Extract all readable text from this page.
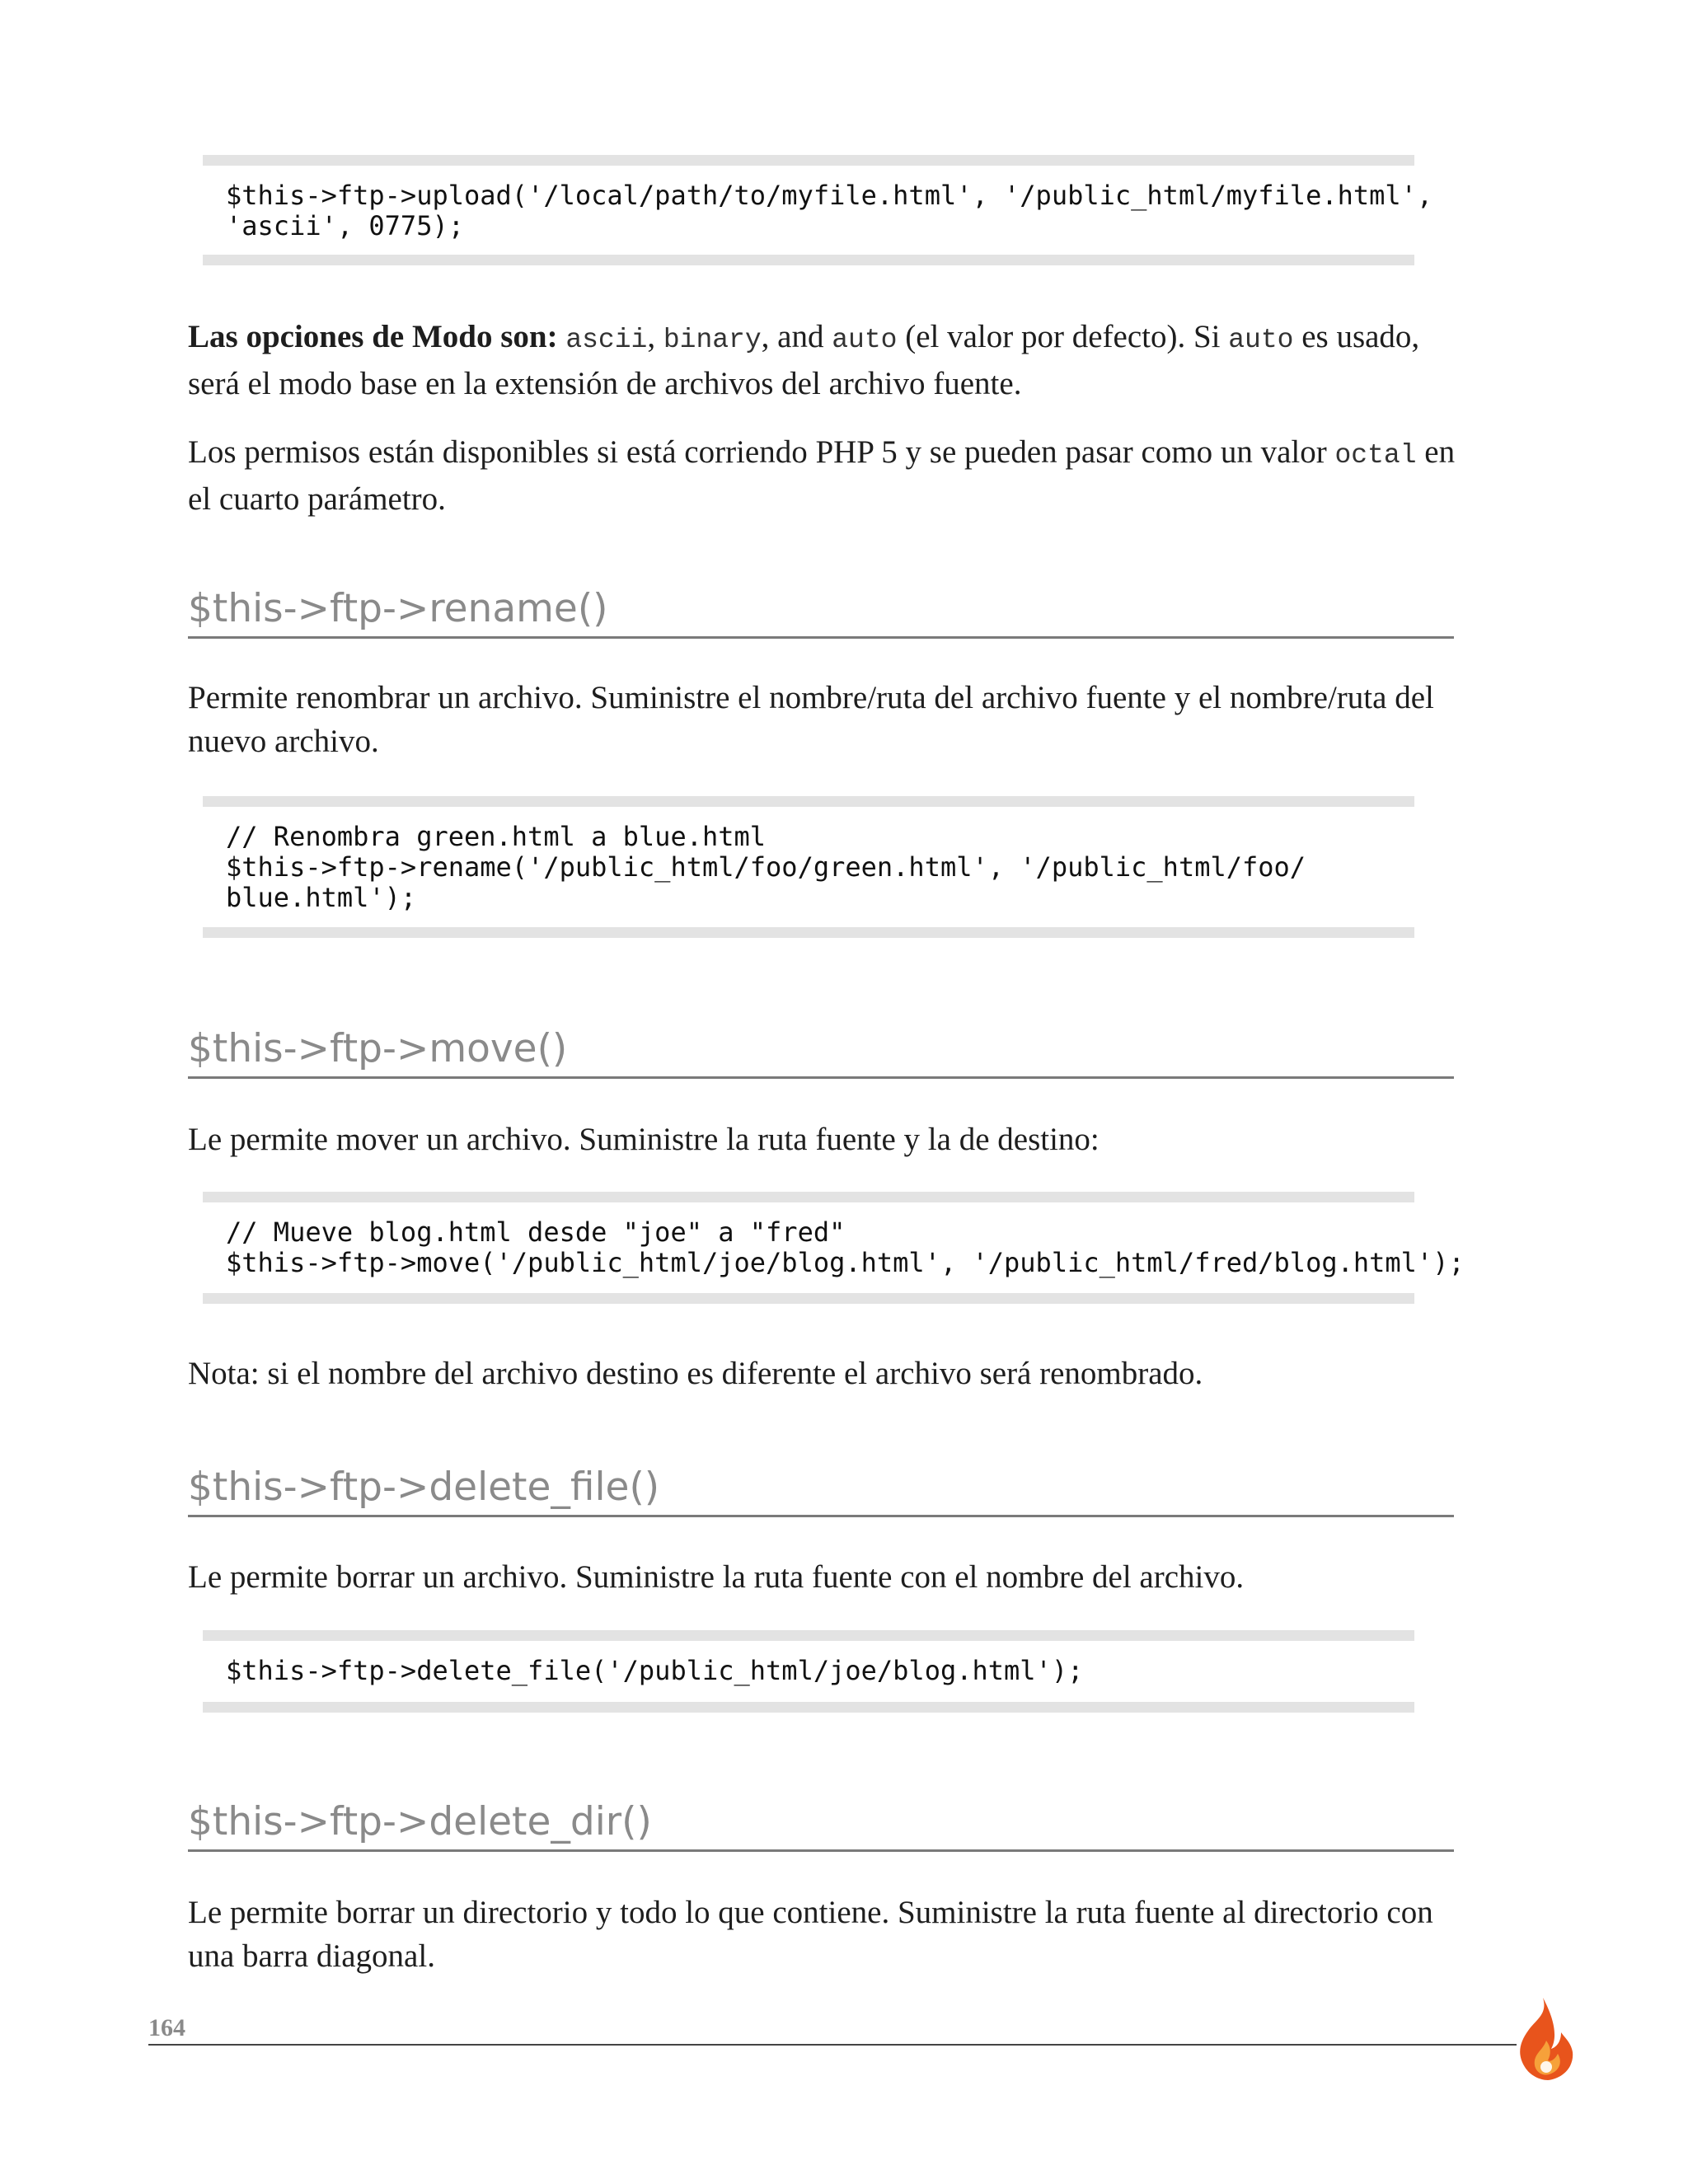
$this->ftp->upload('/local/path/to/myfile.html', '/public_html/myfile.html',
'ascii', 0775);

Las opciones de Modo son: ascii, binary, and auto (el valor por defecto). Si auto es usado, será el modo base en la extensión de archivos del archivo fuente.

Los permisos están disponibles si está corriendo PHP 5 y se pueden pasar como un valor octal en el cuarto parámetro.

$this->ftp->rename()

Permite renombrar un archivo. Suministre el nombre/ruta del archivo fuente y el nombre/ruta del nuevo archivo.

// Renombra green.html a blue.html
$this->ftp->rename('/public_html/foo/green.html', '/public_html/foo/
blue.html');
$this->ftp->move()

Le permite mover un archivo. Suministre la ruta fuente y la de destino:

// Mueve blog.html desde "joe" a "fred"
$this->ftp->move('/public_html/joe/blog.html', '/public_html/fred/blog.html');

Nota: si el nombre del archivo destino es diferente el archivo será renombrado.

$this->ftp->delete_file()

Le permite borrar un archivo. Suministre la ruta fuente con el nombre del archivo.

$this->ftp->delete_file('/public_html/joe/blog.html');
$this->ftp->delete_dir()

Le permite borrar un directorio y todo lo que contiene. Suministre la ruta fuente al directorio con una barra diagonal.

164
